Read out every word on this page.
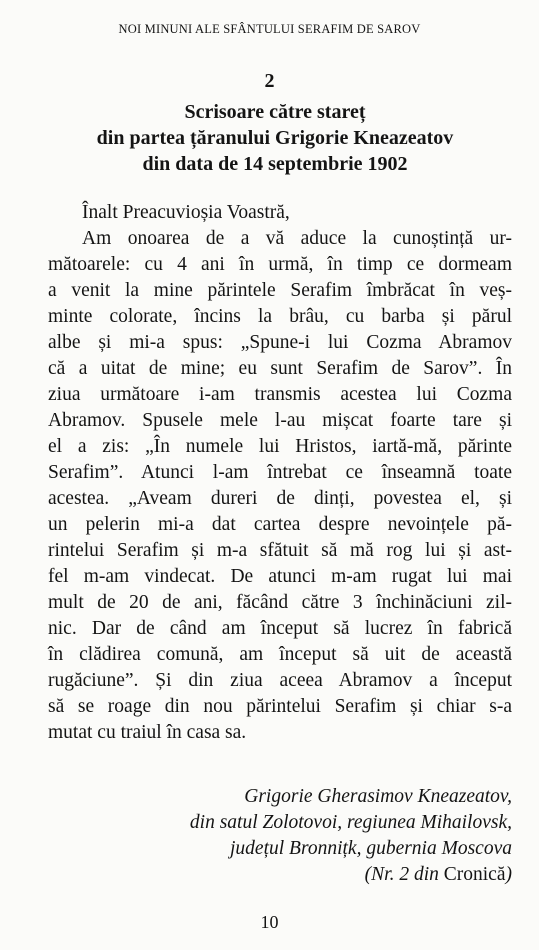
NOI MINUNI ALE SFÂNTULUI SERAFIM DE SAROV
2
Scrisoare către stareț
din partea țăranului Grigorie Kneazeatov
din data de 14 septembrie 1902
Înalt Preacuvioșia Voastră,
Am onoarea de a vă aduce la cunoștință ur-
mătoarele: cu 4 ani în urmă, în timp ce dormeam
a venit la mine părintele Serafim îmbrăcat în veș-
minte colorate, încins la brâu, cu barba și părul
albe și mi-a spus: „Spune-i lui Cozma Abramov
că a uitat de mine; eu sunt Serafim de Sarov”. În
ziua următoare i-am transmis acestea lui Cozma
Abramov. Spusele mele l-au mișcat foarte tare și
el a zis: „În numele lui Hristos, iartă-mă, părinte
Serafim”. Atunci l-am întrebat ce înseamnă toate
acestea. „Aveam dureri de dinți, povestea el, și
un pelerin mi-a dat cartea despre nevoințele pă-
rintelui Serafim și m-a sfătuit să mă rog lui și ast-
fel m-am vindecat. De atunci m-am rugat lui mai
mult de 20 de ani, făcând către 3 închinăciuni zil-
nic. Dar de când am început să lucrez în fabrică
în clădirea comună, am început să uit de această
rugăciune”. Și din ziua aceea Abramov a început
să se roage din nou părintelui Serafim și chiar s-a
mutat cu traiul în casa sa.
Grigorie Gherasimov Kneazeatov,
din satul Zolotovoi, regiunea Mihailovsk,
județul Bronnițk, gubernia Moscova
(Nr. 2 din Cronică)
10
